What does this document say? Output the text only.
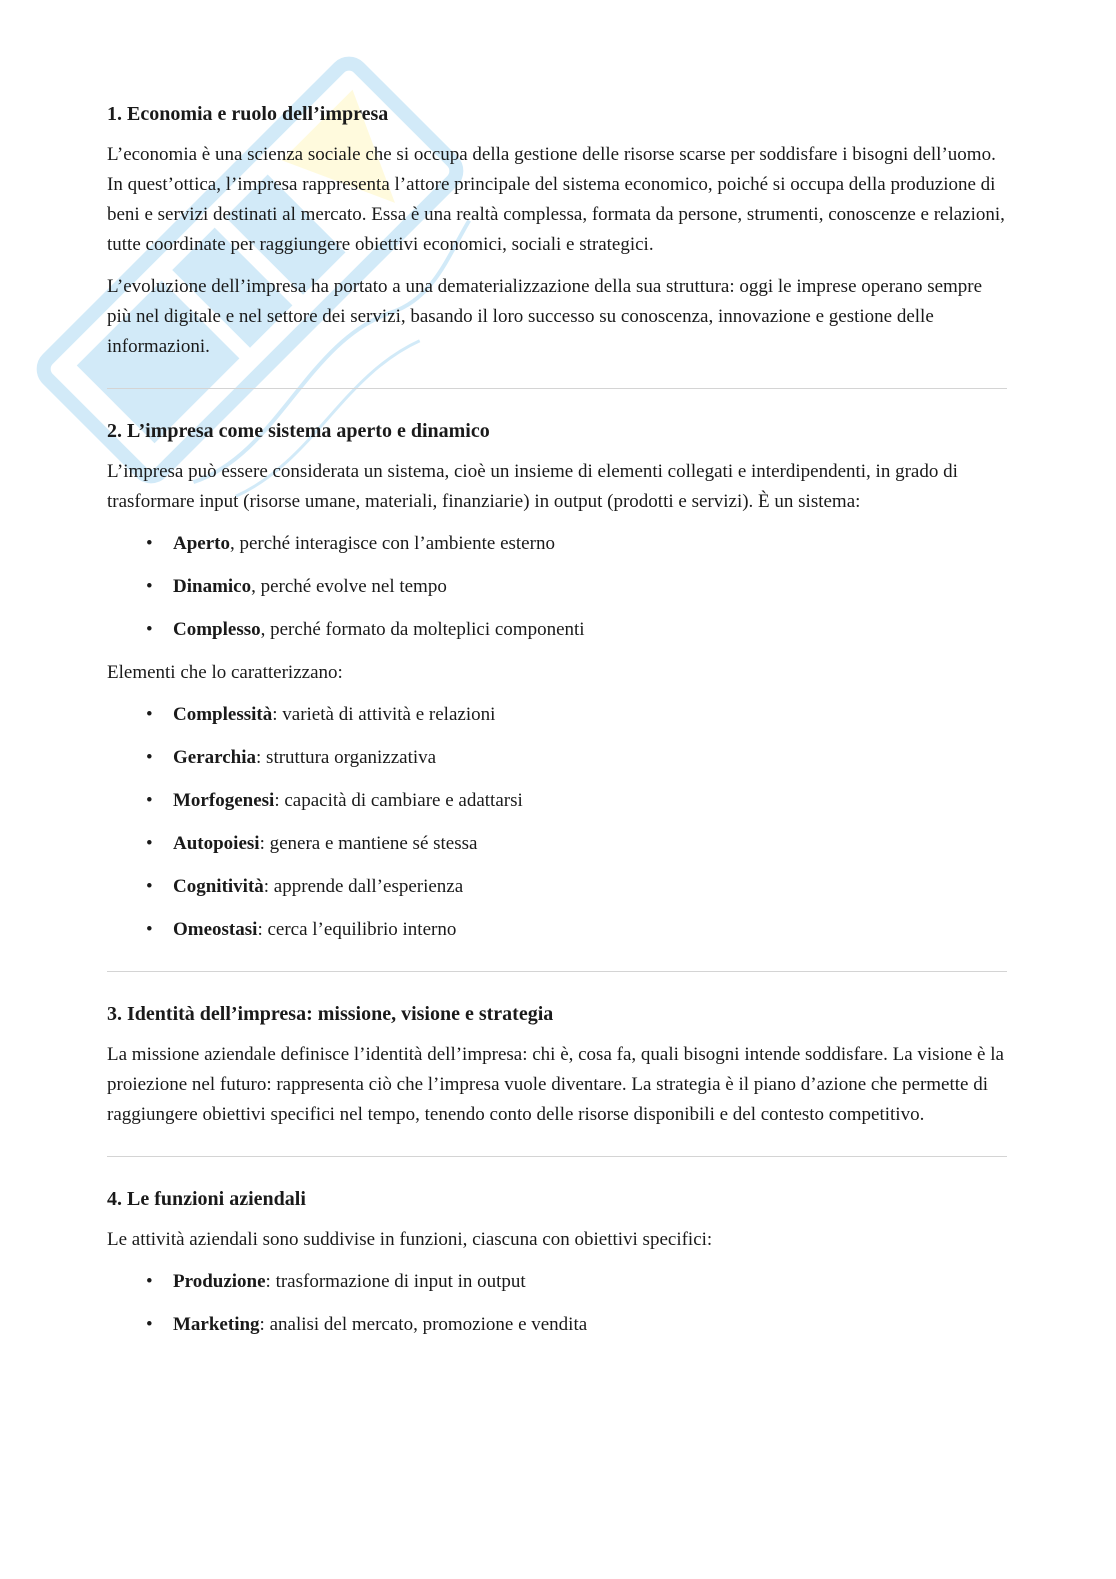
1. Economia e ruolo dell’impresa

L’economia è una scienza sociale che si occupa della gestione delle risorse scarse per soddisfare i bisogni dell’uomo. In quest’ottica, l’impresa rappresenta l’attore principale del sistema economico, poiché si occupa della produzione di beni e servizi destinati al mercato. Essa è una realtà complessa, formata da persone, strumenti, conoscenze e relazioni, tutte coordinate per raggiungere obiettivi economici, sociali e strategici.

L’evoluzione dell’impresa ha portato a una dematerializzazione della sua struttura: oggi le imprese operano sempre più nel digitale e nel settore dei servizi, basando il loro successo su conoscenza, innovazione e gestione delle informazioni.

2. L’impresa come sistema aperto e dinamico

L’impresa può essere considerata un sistema, cioè un insieme di elementi collegati e interdipendenti, in grado di trasformare input (risorse umane, materiali, finanziarie) in output (prodotti e servizi). È un sistema:

• Aperto, perché interagisce con l’ambiente esterno
• Dinamico, perché evolve nel tempo
• Complesso, perché formato da molteplici componenti

Elementi che lo caratterizzano:

• Complessità: varietà di attività e relazioni
• Gerarchia: struttura organizzativa
• Morfogenesi: capacità di cambiare e adattarsi
• Autopoiesi: genera e mantiene sé stessa
• Cognitività: apprende dall’esperienza
• Omeostasi: cerca l’equilibrio interno
3. Identità dell’impresa: missione, visione e strategia

La missione aziendale definisce l’identità dell’impresa: chi è, cosa fa, quali bisogni intende soddisfare. La visione è la proiezione nel futuro: rappresenta ciò che l’impresa vuole diventare. La strategia è il piano d’azione che permette di raggiungere obiettivi specifici nel tempo, tenendo conto delle risorse disponibili e del contesto competitivo.

4. Le funzioni aziendali

Le attività aziendali sono suddivise in funzioni, ciascuna con obiettivi specifici:

• Produzione: trasformazione di input in output
• Marketing: analisi del mercato, promozione e vendita
